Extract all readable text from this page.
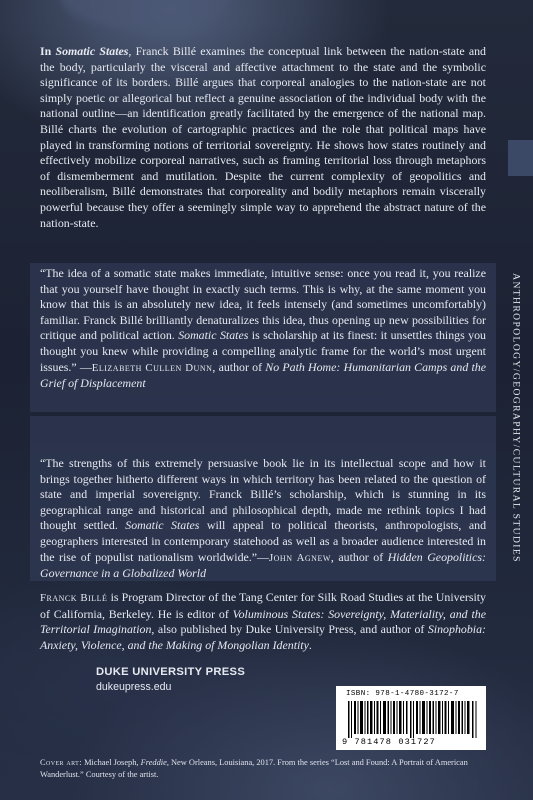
In Somatic States, Franck Billé examines the conceptual link between the nation-state and the body, particularly the visceral and affective attachment to the state and the symbolic significance of its borders. Billé argues that corporeal analogies to the nation-state are not simply poetic or allegorical but reflect a genuine association of the individual body with the national outline—an identification greatly facilitated by the emergence of the national map. Billé charts the evolution of cartographic practices and the role that political maps have played in transforming notions of territorial sovereignty. He shows how states routinely and effectively mobilize corporeal narratives, such as framing territorial loss through metaphors of dismemberment and mutilation. Despite the current complexity of geopolitics and neoliberalism, Billé demonstrates that corporeality and bodily metaphors remain viscerally powerful because they offer a seemingly simple way to apprehend the abstract nature of the nation-state.

“The idea of a somatic state makes immediate, intuitive sense: once you read it, you realize that you yourself have thought in exactly such terms. This is why, at the same moment you know that this is an absolutely new idea, it feels intensely (and sometimes uncomfortably) familiar. Franck Billé brilliantly denaturalizes this idea, thus opening up new possibilities for critique and political action. Somatic States is scholarship at its finest: it unsettles things you thought you knew while providing a compelling analytic frame for the world’s most urgent issues.” —Elizabeth Cullen Dunn, author of No Path Home: Humanitarian Camps and the Grief of Displacement

“The strengths of this extremely persuasive book lie in its intellectual scope and how it brings together hitherto different ways in which territory has been related to the question of state and imperial sovereignty. Franck Billé’s scholarship, which is stunning in its geographical range and historical and philosophical depth, made me rethink topics I had thought settled. Somatic States will appeal to political theorists, anthropologists, and geographers interested in contemporary statehood as well as a broader audience interested in the rise of populist nationalism worldwide.”—John Agnew, author of Hidden Geopolitics: Governance in a Globalized World

Franck Billé is Program Director of the Tang Center for Silk Road Studies at the University of California, Berkeley. He is editor of Voluminous States: Sovereignty, Materiality, and the Territorial Imagination, also published by Duke University Press, and author of Sinophobia: Anxiety, Violence, and the Making of Mongolian Identity.

ANTHROPOLOGY/GEOGRAPHY/CULTURAL STUDIES
DUKE UNIVERSITY PRESS
dukeupress.edu
ISBN: 978-1-4780-3172-7
9 781478 031727

Cover art: Michael Joseph, Freddie, New Orleans, Louisiana, 2017. From the series “Lost and Found: A Portrait of American Wanderlust.” Courtesy of the artist.
